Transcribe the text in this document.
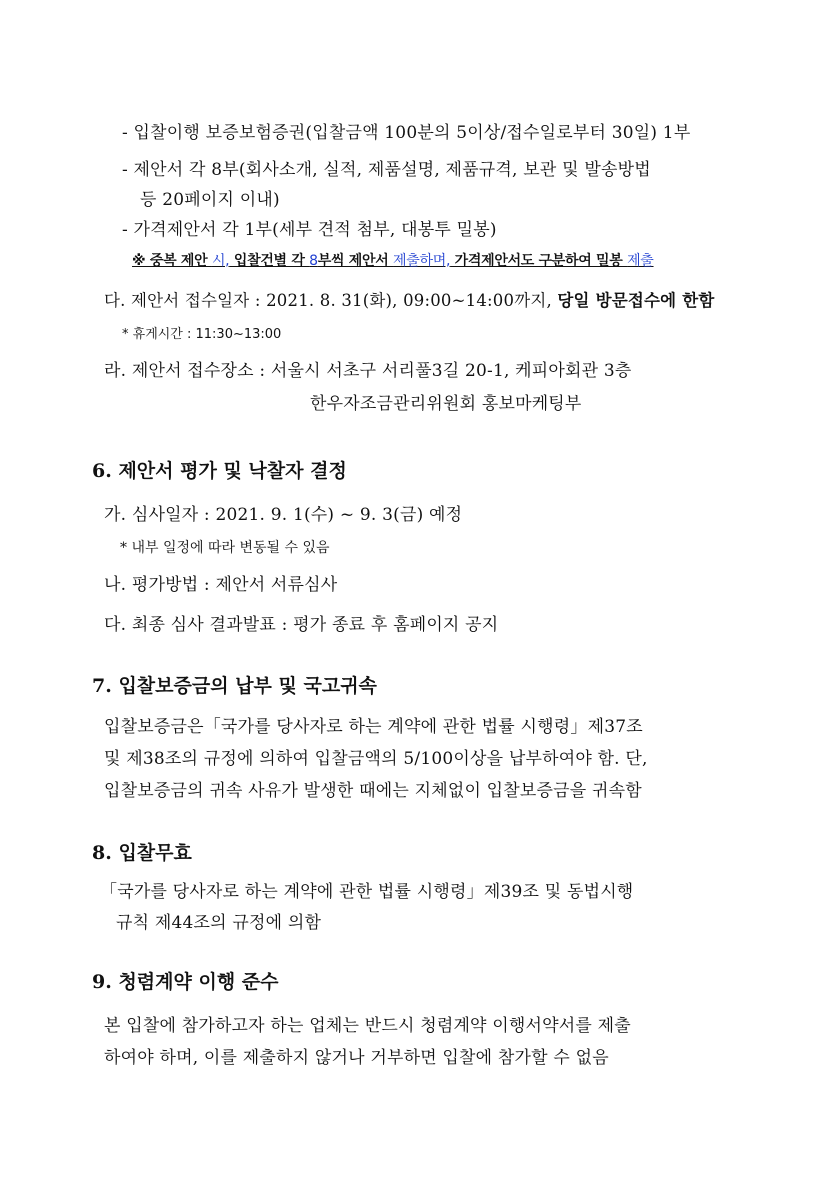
- 입찰이행 보증보험증권(입찰금액 100분의 5이상/접수일로부터 30일) 1부
- 제안서 각 8부(회사소개, 실적, 제품설명, 제품규격, 보관 및 발송방법
등 20페이지 이내)
- 가격제안서 각 1부(세부 견적 첨부, 대봉투 밀봉)
※ 중복 제안 시, 입찰건별 각 8부씩 제안서 제출하며, 가격제안서도 구분하여 밀봉 제출
다. 제안서 접수일자 : 2021. 8. 31(화), 09:00~14:00까지, 당일 방문접수에 한함
* 휴게시간 : 11:30~13:00
라. 제안서 접수장소 : 서울시 서초구 서리풀3길 20-1, 케피아회관 3층
한우자조금관리위원회 홍보마케팅부
6. 제안서 평가 및 낙찰자 결정
가. 심사일자 : 2021. 9. 1(수) ~ 9. 3(금) 예정
* 내부 일정에 따라 변동될 수 있음
나. 평가방법 : 제안서 서류심사
다. 최종 심사 결과발표 : 평가 종료 후 홈페이지 공지
7. 입찰보증금의 납부 및 국고귀속
입찰보증금은「국가를 당사자로 하는 계약에 관한 법률 시행령」제37조
및 제38조의 규정에 의하여 입찰금액의 5/100이상을 납부하여야 함. 단,
입찰보증금의 귀속 사유가 발생한 때에는 지체없이 입찰보증금을 귀속함
8. 입찰무효
「국가를 당사자로 하는 계약에 관한 법률 시행령」제39조 및 동법시행
규칙 제44조의 규정에 의함
9. 청렴계약 이행 준수
본 입찰에 참가하고자 하는 업체는 반드시 청렴계약 이행서약서를 제출
하여야 하며, 이를 제출하지 않거나 거부하면 입찰에 참가할 수 없음
